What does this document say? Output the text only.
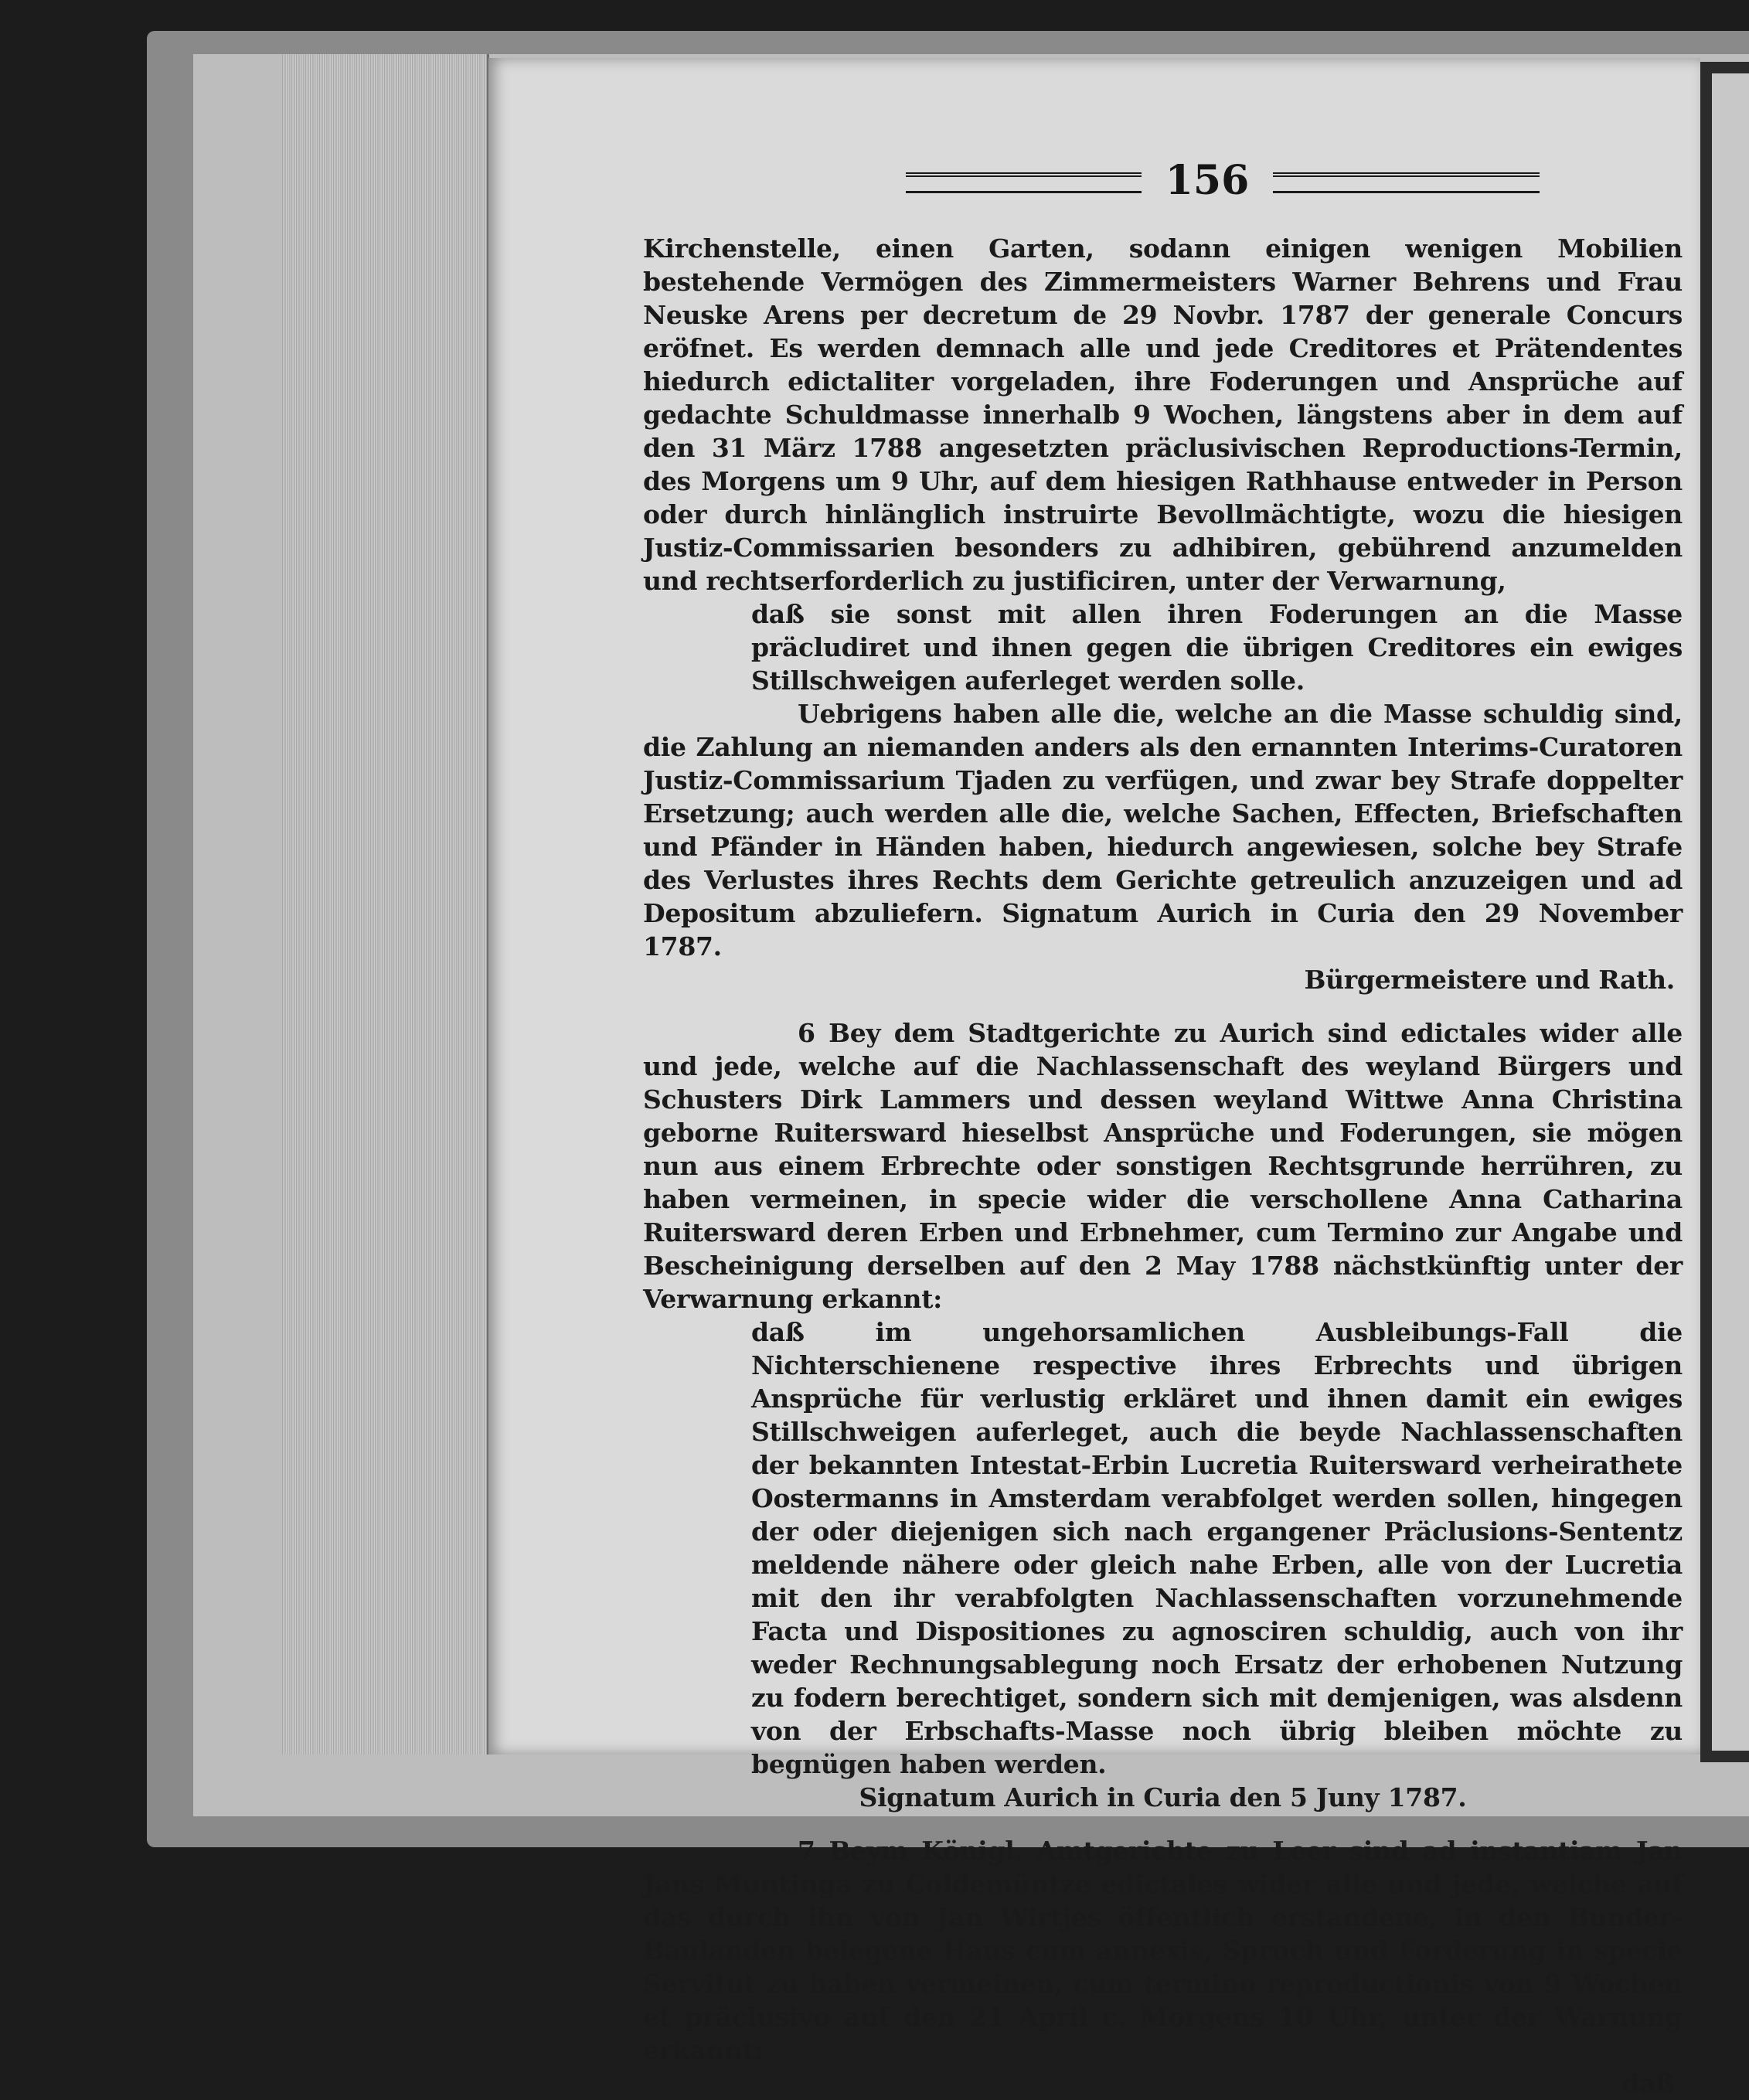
156

Kirchenstelle, einen Garten, sodann einigen wenigen Mobilien bestehende Vermögen des Zimmermeisters Warner Behrens und Frau Neuske Arens per decretum de 29 Novbr. 1787 der generale Concurs eröfnet. Es werden demnach alle und jede Creditores et Prätendentes hiedurch edictaliter vorgeladen, ihre Foderungen und Ansprüche auf gedachte Schuldmasse innerhalb 9 Wochen, längstens aber in dem auf den 31 März 1788 angesetzten präclusivischen Reproductions-Termin, des Morgens um 9 Uhr, auf dem hiesigen Rathhause entweder in Person oder durch hinlänglich instruirte Bevollmächtigte, wozu die hiesigen Justiz-Commissarien besonders zu adhibiren, gebührend anzumelden und rechtserforderlich zu justificiren, unter der Verwarnung,

daß sie sonst mit allen ihren Foderungen an die Masse präcludiret und ihnen gegen die übrigen Creditores ein ewiges Stillschweigen auferleget werden solle.

Uebrigens haben alle die, welche an die Masse schuldig sind, die Zahlung an niemanden anders als den ernannten Interims-Curatoren Justiz-Commissarium Tjaden zu verfügen, und zwar bey Strafe doppelter Ersetzung; auch werden alle die, welche Sachen, Effecten, Briefschaften und Pfänder in Händen haben, hiedurch angewiesen, solche bey Strafe des Verlustes ihres Rechts dem Gerichte getreulich anzuzeigen und ad Depositum abzuliefern. Signatum Aurich in Curia den 29 November 1787.

Bürgermeistere und Rath.

6 Bey dem Stadtgerichte zu Aurich sind edictales wider alle und jede, welche auf die Nachlassenschaft des weyland Bürgers und Schusters Dirk Lammers und dessen weyland Wittwe Anna Christina geborne Ruitersward hieselbst Ansprüche und Foderungen, sie mögen nun aus einem Erbrechte oder sonstigen Rechtsgrunde herrühren, zu haben vermeinen, in specie wider die verschollene Anna Catharina Ruitersward deren Erben und Erbnehmer, cum Termino zur Angabe und Bescheinigung derselben auf den 2 May 1788 nächstkünftig unter der Verwarnung erkannt:

daß im ungehorsamlichen Ausbleibungs-Fall die Nichterschienene respective ihres Erbrechts und übrigen Ansprüche für verlustig erkläret und ihnen damit ein ewiges Stillschweigen auferleget, auch die beyde Nachlassenschaften der bekannten Intestat-Erbin Lucretia Ruitersward verheirathete Oostermanns in Amsterdam verabfolget werden sollen, hingegen der oder diejenigen sich nach ergangener Präclusions-Sententz meldende nähere oder gleich nahe Erben, alle von der Lucretia mit den ihr verabfolgten Nachlassenschaften vorzunehmende Facta und Dispositiones zu agnosciren schuldig, auch von ihr weder Rechnungsablegung noch Ersatz der erhobenen Nutzung zu fodern berechtiget, sondern sich mit demjenigen, was alsdenn von der Erbschafts-Masse noch übrig bleiben möchte zu begnügen haben werden.

Signatum Aurich in Curia den 5 Juny 1787.

7 Beym Königl. Amtgerichte zu Leer sind ad instantiam Jan Jans Muntinga zu Coldemüntze edictales wider alle und jede, welche auf das durch ihn von Jan Wirtjes öffentlich erstandene, in den Bunder-Baulanden belegene Haus cum annexis, Spruch und Forderung in specie Servitut zu haben vermeinen, cum termino reproductionis von 9 Wochen et präclusivo auf den 21 April c. Morgens 10 Uhr, unter der Warnung erkannt:

daß
